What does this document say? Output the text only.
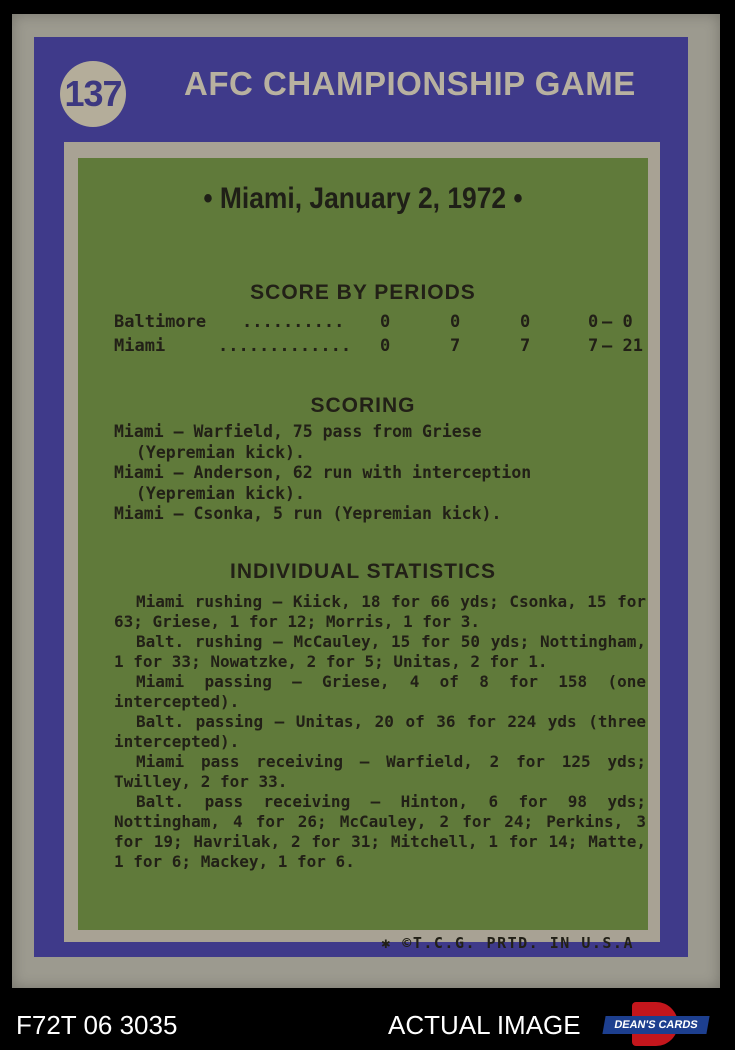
137 AFC CHAMPIONSHIP GAME
• Miami, January 2, 1972 •
SCORE BY PERIODS
Baltimore .......... 0	0	0	0 — 0
Miami	............. 0	7	7	7 — 21
SCORING

Miami — Warfield, 75 pass from Griese

(Yepremian kick).

Miami — Anderson, 62 run with interception

(Yepremian kick).

Miami — Csonka, 5 run (Yepremian kick).

INDIVIDUAL STATISTICS

Miami rushing — Kiick, 18 for 66 yds; Csonka, 15 for 63; Griese, 1 for 12; Morris, 1 for 3.

Balt. rushing — McCauley, 15 for 50 yds; Nottingham, 1 for 33; Nowatzke, 2 for 5; Unitas, 2 for 1.

Miami passing — Griese, 4 of 8 for 158 (one intercepted).

Balt. passing — Unitas, 20 of 36 for 224 yds (three intercepted).

Miami pass receiving — Warfield, 2 for 125 yds; Twilley, 2 for 33.

Balt. pass receiving — Hinton, 6 for 98 yds; Nottingham, 4 for 26; McCauley, 2 for 24; Perkins, 3 for 19; Havrilak, 2 for 31; Mitchell, 1 for 14; Matte, 1 for 6; Mackey, 1 for 6.

✱ ©T.C.G. PRTD. IN U.S.A
F72T 06 3035	ACTUAL IMAGE	DEAN'S CARDS
